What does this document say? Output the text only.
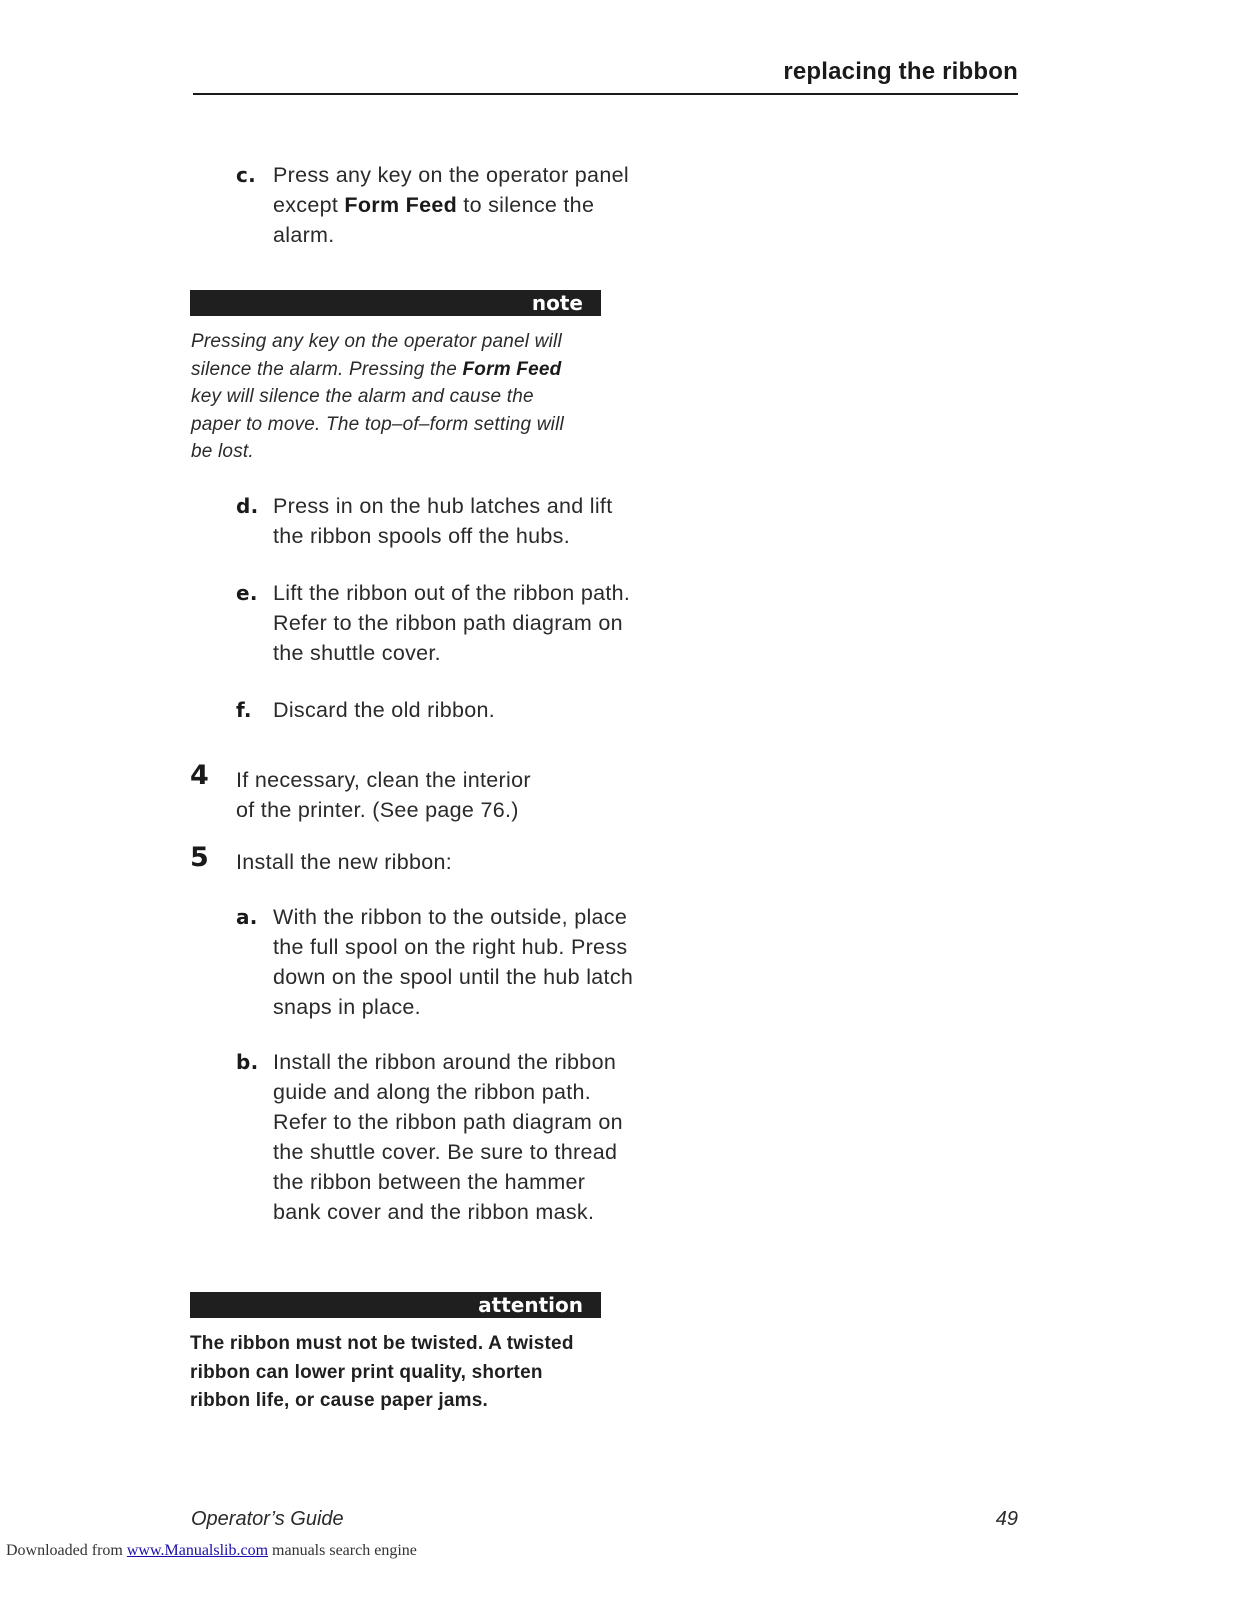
replacing the ribbon
c. Press any key on the operator panel
except Form Feed to silence the
alarm.
note
Pressing any key on the operator panel will
silence the alarm. Pressing the Form Feed
key will silence the alarm and cause the
paper to move. The top–of–form setting will
be lost.
d. Press in on the hub latches and lift
the ribbon spools off the hubs.
e. Lift the ribbon out of the ribbon path.
Refer to the ribbon path diagram on
the shuttle cover.
f. Discard the old ribbon.
4 If necessary, clean the interior
of the printer. (See page 76.)
5 Install the new ribbon:
a. With the ribbon to the outside, place
the full spool on the right hub. Press
down on the spool until the hub latch
snaps in place.
b. Install the ribbon around the ribbon
guide and along the ribbon path.
Refer to the ribbon path diagram on
the shuttle cover. Be sure to thread
the ribbon between the hammer
bank cover and the ribbon mask.
attention
The ribbon must not be twisted. A twisted
ribbon can lower print quality, shorten
ribbon life, or cause paper jams.
Operator’s Guide	49
Downloaded from www.Manualslib.com manuals search engine
